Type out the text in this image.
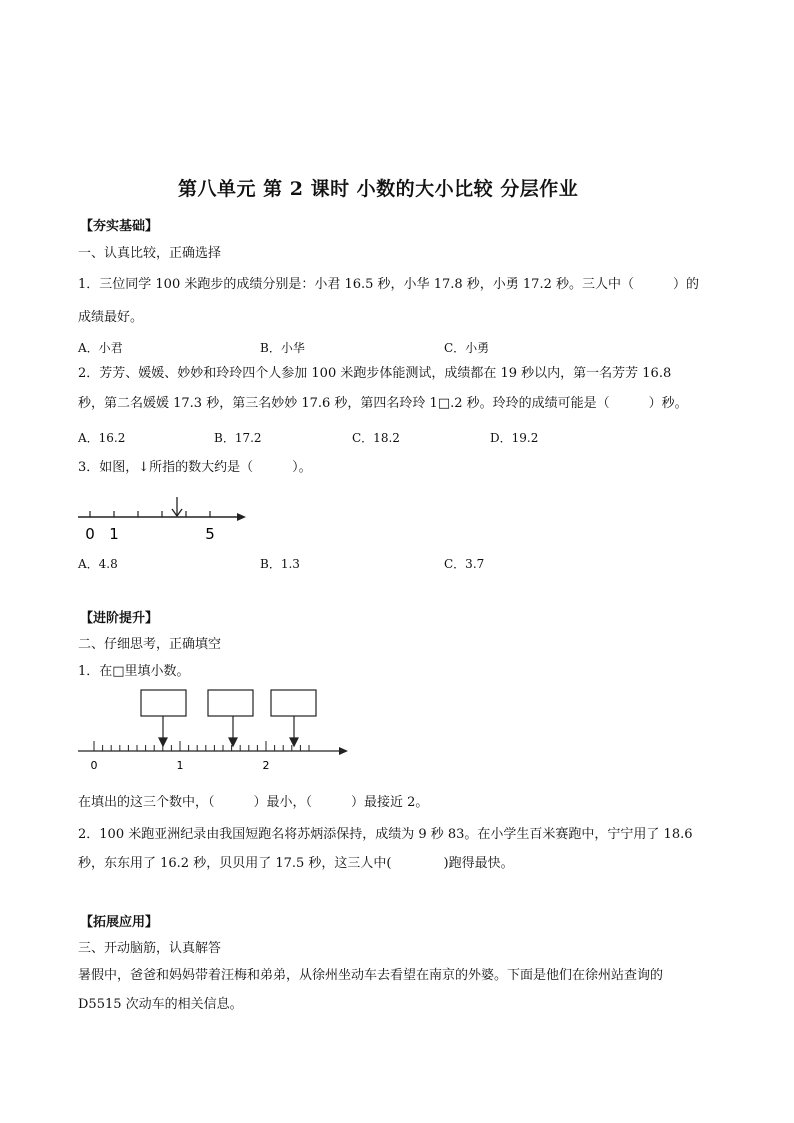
第八单元 第 2 课时 小数的大小比较 分层作业
【夯实基础】
一、认真比较，正确选择
1．三位同学 100 米跑步的成绩分别是：小君 16.5 秒，小华 17.8 秒，小勇 17.2 秒。三人中（　　　）的
成绩最好。
A．小君	B．小华	C．小勇
2．芳芳、媛媛、妙妙和玲玲四个人参加 100 米跑步体能测试，成绩都在 19 秒以内，第一名芳芳 16.8
秒，第二名媛媛 17.3 秒，第三名妙妙 17.6 秒，第四名玲玲 1□.2 秒。玲玲的成绩可能是（　　　）秒。
A．16.2	B．17.2	C．18.2	D．19.2
3．如图，↓所指的数大约是（　　　）。
0 1	5
A．4.8	B．1.3	C．3.7
【进阶提升】
二、仔细思考，正确填空
1．在□里填小数。
0	1	2
在填出的这三个数中，（　　　）最小，（　　　）最接近 2。
2．100 米跑亚洲纪录由我国短跑名将苏炳添保持，成绩为 9 秒 83。在小学生百米赛跑中，宁宁用了 18.6
秒，东东用了 16.2 秒，贝贝用了 17.5 秒，这三人中(　　　　)跑得最快。
【拓展应用】
三、开动脑筋，认真解答
暑假中，爸爸和妈妈带着汪梅和弟弟，从徐州坐动车去看望在南京的外婆。下面是他们在徐州站查询的
D5515 次动车的相关信息。
